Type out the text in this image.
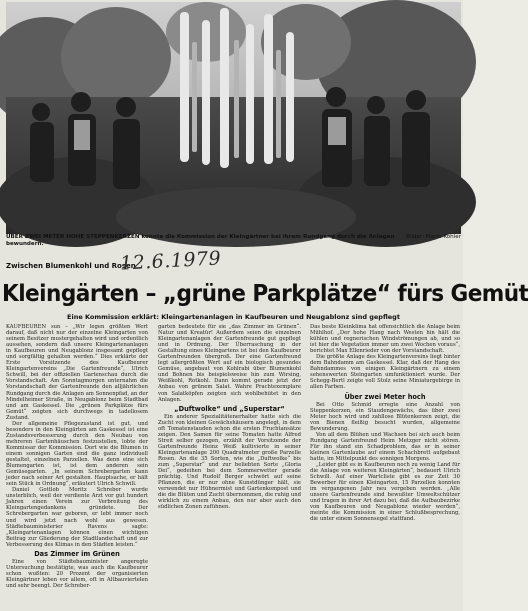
Bilder: Marin Köhler
ÜBER ZWEI METER HOHE STEPPENKERZEN konnte die Kommission der Kleingärtner bei ihrem Rundgang durch die Anlagen bewundern.
Zwischen Blumenkohl und Rosen
12.6.1979
Kleingärten – „grüne Parkplätze“ fürs Gemüt
Eine Kommission erklärt: Kleingartenanlagen in Kaufbeuren und Neugablonz sind gepflegt

KAUFBEUREN sun – „Wir legen größten Wert darauf, daß nicht nur der einzelne Kleingarten von seinem Besitzer mustergehalten wird und ordentlich aussehen, sondern daß unsere Kleingartenanlagen in Kaufbeuren und Neugablonz insgesamt gepflegt und sorgfältig gehalten werden.“ Dies erklärte der Erste Vorsitzende des Kaufbeurer Kleingartenvereins „Die Gartenfreunde“, Ulrich Schwill, bei der offiziellen Gartenschau durch die Vorstandschaft. Am Sonntagmorgen unternahm die Vorstandschaft der Gartenfreunde den alljährlichen Rundgang durch die Anlagen am Sonnenpfad, an der Mindelheimer Straße, in Neugablonz beim Stadtbad und am Gaskessel. Die „grünen Parkplätze fürs Gemüt“ zeigten sich durchwegs in tadellosem Zustand.

Der allgemeine Pflegezustand ist gut, und besonders in den Kleingärten am Gaskessel ist eine Zustandsverbesserung durch den Neubau von mehreren Gartenhäuschen festzustellen, lobte der Kommissar der Kommission. Dort wie die Blumen in einem sonnigen Garten sind die ganz individuell gestaltet, einzelnen Parzellen. Was denn eine sich Blumengarten ist, ist dem anderen sein Gemüsegarten. „In seinem Schrebergarten kann jeder nach seiner Art gestalten. Hauptsache, er hält sein Stück in Ordnung“, erläutert Ulrich Schwill.

Daniel Gottlob Moritz Schreber wurde unsterblich, weil der verdiente Arzt vor gut hundert Jahren einen Verein zur Verbreitung des Kleingartengedankens gründete. Der Schrebergarten war geboren, er lebt immer noch und wird jetzt nach wohl aus gewesen. Städtebauministerier Ravens sagte: „Kleingartenanlagen können einen wichtigen Beitrag zur Gliederung der Stadtlandschaft und zur Verbesserung des Klimas in den Städten leisten.“

Das Zimmer im Grünen

Eine von Städtebauminister angeregte Untersuchung bestätigte, was auch die Kaufbeurer schon wußten: 20 Prozent der organisierten Kleingärtner leben vor allem, oft in Altbauviertelen und sehr beengt. Der Schreber-

garten bedeutete für sie „das Zimmer im Grünen“. Natur und Kreatür! Außerdem seien die einzelnen Kleingartenanlagen der Gartenfreunde gut gepflegt und in Ordnung. Der Überraschung in der Gestaltung eines Kleingartens ist bei den Kaufbeurer Gartenfreunden übergroß. Der eine Gartenfreund legt allergrößten Wert auf ein biologisch gesundes Gemüse, angebaut von Kohlrabi über Blumenkohl und Bohnen bis beispielsweise hin zum Wirsing, Weißkohl, Rotkohl. Dann kommt gerade jetzt der Anbau von grünem Salat. Wahre Prachtexemplare von Salatköpfen zeigten sich wohlbehütet in den Anlagen.

„Duftwolke“ und „Superstar“

Ein anderer Spezialitätenerhalter hatte sich die Zucht von kleinen Gewächshäusern angelegt, in dem oft Tomatenstauden schon die ersten Fruchtansätze zeigen. Den Samen für seine Tomaten hatte Alfred Streit selber gezogen, erzählt der Vorsitzende der Gartenfreunde Heinz Weiß kultivierte in seiner Kleingartenanlage 200 Quadratmeter große Parzelle Rosen. An die 35 Sorten, wie die „Duftwolke“ bis zum „Superstar“ und zur beliebten Sorte „Gloria Dei“, gedeihen bei dem Sommerwetter gerade prächtig. Und Rudolf Berger schwört auf seine Pflanzen, die er nur ohne Kunstdünger hält, sie verwendet nur Hühnermist und Gartenkompost und die die Blüten und Zucht übernommen, die ruhig und wirklich zu einem Anbau, den nur aber auch den südlichen Zonen zufühnen.

Das beste Kleinklima hat offensichtlich die Anlage beim Mühlhof. „Der hohe Hang nach Westen hin hält die kühlen und regnerischen Windströmungen ab, und so ist hier die Vegetation immer um zwei Wochen voraus“, berichtet Max Ellenrieder von der Vorstandschaft.

Die größte Anlage des Kleingartenvereins liegt hinter dem Bahndamm am Gaskessel. Klar, daß der Hang des Bahndammes von einigen Kleingärtnern zu einem sehenswerten Steingarten umfunktioniert wurde. Der Schegg-Bertl zeigte voll Stolz seine Miniaturgebirge in allen Farben.

Über zwei Meter hoch

Bei Otto Schmid erregte eine Anzahl von Steppenkerzen, ein Staudengewächs, das über zwei Meter hoch wird und zahllose Blütenkerzen zeigt, die von Bienen fleißig besucht wurden, allgemeine Bewunderung.

Von all dem Blühen und Wachsen bei sich auch beim Rundgang Gartenfreund Heim Metzger nicht stören. Für ihn stand ein Schadproblem, das er in seiner kleinen Gartenlaube auf einem Schachbrett aufgebaut hatte, im Mittelpunkt des sonnigen Morgens.

„Leider gibt es in Kaufbeuren noch zu wenig Land für die Anlage von weiteren Kleingärten“, bedauert Ulrich Schwill. Auf einer Wartcliste gibt es zur Zeit 30 Bewerber für einen Kleingarten, 15 Parzellen konnten im vergangenen Jahr neu vergeben werden. „Alle unsere Gartenfreunde sind bewußter Umweltschützer und tragen in ihrer Art dazu bei, daß die Aufbaubezirke von Kaufbeuren und Neugablonz wieder werden“, meinte die Kommission in einer Schlußbesprechung, die unter einem Sonnensegel stattfand.
